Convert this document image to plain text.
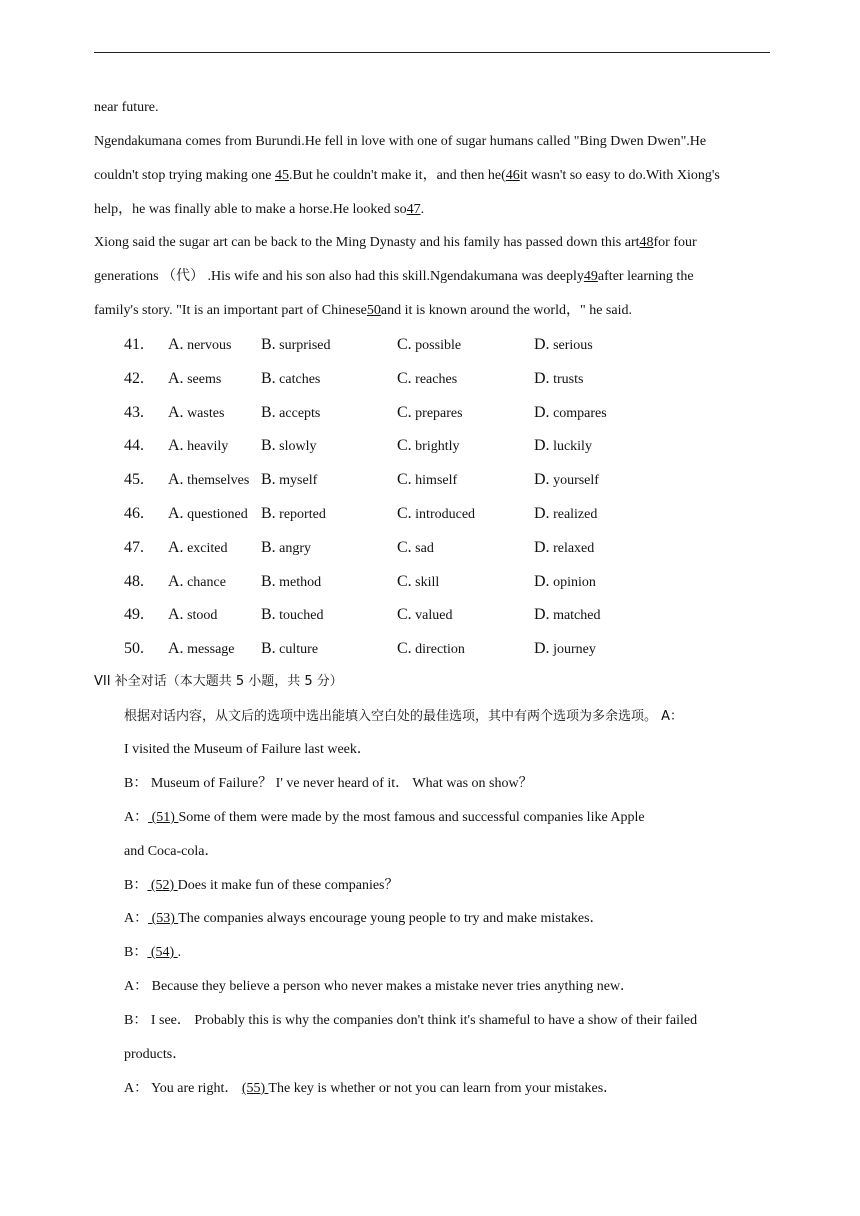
near future.
Ngendakumana comes from Burundi.He fell in love with one of sugar humans called "Bing Dwen Dwen".He
couldn't stop trying making one 45.But he couldn't make it，and then he(46it wasn't so easy to do.With Xiong's
help，he was finally able to make a horse.He looked so47.
Xiong said the sugar art can be back to the Ming Dynasty and his family has passed down this art48for four
generations （代） .His wife and his son also had this skill.Ngendakumana was deeply49after learning the
family's story. "It is an important part of Chinese50and it is known around the world，" he said.
41. A. nervous B. surprised	C. possible	D. serious
42. A. seems B. catches	C. reaches	D. trusts
43. A. wastes B. accepts	C. prepares	D. compares
44. A. heavily B. slowly	C. brightly	D. luckily
45. A. themselves B. myself	C. himself	D. yourself
46. A. questioned B. reported	C. introduced	D. realized
47. A. excited B. angry	C. sad	D. relaxed
48. A. chance B. method	C. skill	D. opinion
49. A. stood	B. touched	C. valued	D. matched
50. A. message B. culture	C. direction	D. journey
VII 补全对话（本大题共 5 小题，共 5 分）
根据对话内容，从文后的选项中选出能填入空白处的最佳选项，其中有两个选项为多余选项。 A：
I visited the Museum of Failure last week．
B： Museum of Failure？ I' ve never heard of it． What was on show？
A： (51) Some of them were made by the most famous and successful companies like Apple
and Coca-cola．
B： (52) Does it make fun of these companies？
A： (53) The companies always encourage young people to try and make mistakes．
B： (54) .
A： Because they believe a person who never makes a mistake never tries anything new．
B： I see． Probably this is why the companies don't think it's shameful to have a show of their failed
products．
A： You are right． (55) The key is whether or not you can learn from your mistakes．
